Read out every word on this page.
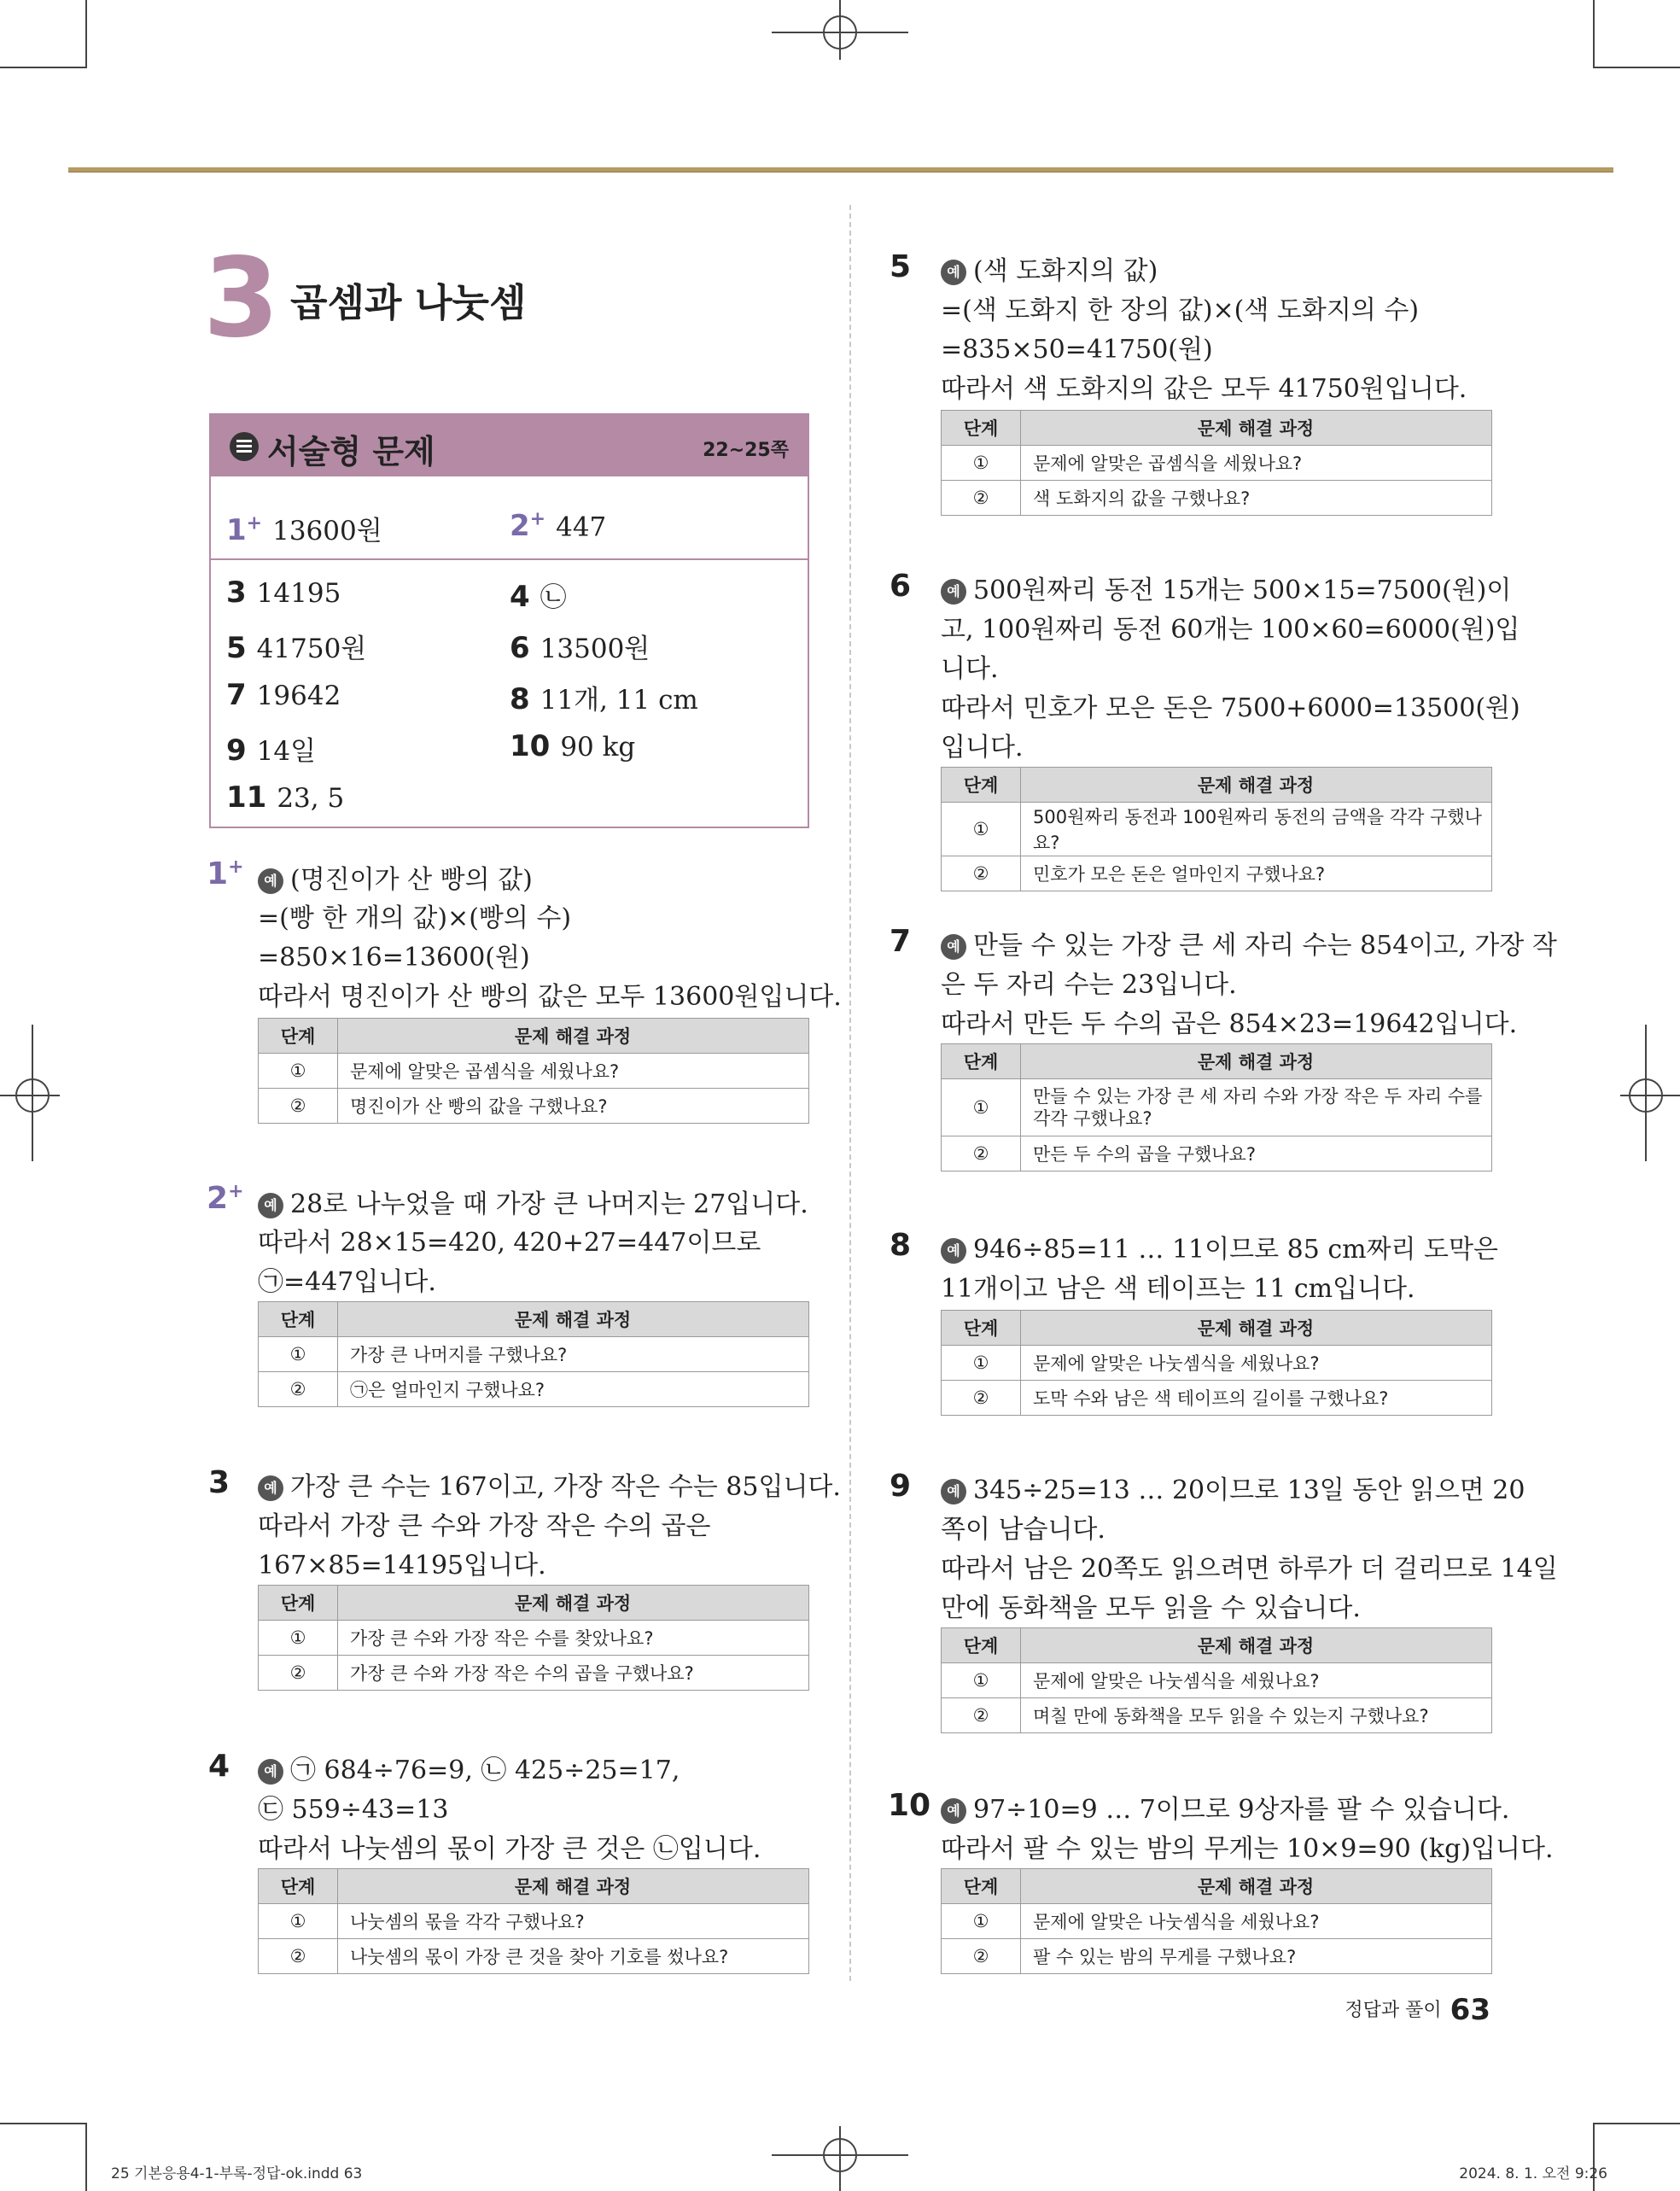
3 곱셈과 나눗셈
서술형 문제	22~25쪽
1+ 13600원	2+ 447
3 14195	4 ㉡
5 41750원	6 13500원
7 19642	8 11개, 11 cm
9 14일	10 90 kg
11 23, 5
1+
예 (명진이가 산 빵의 값)
=(빵 한 개의 값)×(빵의 수)
=850×16=13600(원)
따라서 명진이가 산 빵의 값은 모두 13600원입니다.
단계	문제 해결 과정
①	문제에 알맞은 곱셈식을 세웠나요?
②	명진이가 산 빵의 값을 구했나요?
2+
예 28로 나누었을 때 가장 큰 나머지는 27입니다.
따라서 28×15=420, 420+27=447이므로
㉠=447입니다.
단계	문제 해결 과정
①	가장 큰 나머지를 구했나요?
②	㉠은 얼마인지 구했나요?
3	예 가장 큰 수는 167이고, 가장 작은 수는 85입니다.
따라서 가장 큰 수와 가장 작은 수의 곱은
167×85=14195입니다.
단계	문제 해결 과정
①	가장 큰 수와 가장 작은 수를 찾았나요?
②	가장 큰 수와 가장 작은 수의 곱을 구했나요?
4	예 ㉠ 684÷76=9, ㉡ 425÷25=17,
㉢ 559÷43=13
따라서 나눗셈의 몫이 가장 큰 것은 ㉡입니다.
단계	문제 해결 과정
①	나눗셈의 몫을 각각 구했나요?
②	나눗셈의 몫이 가장 큰 것을 찾아 기호를 썼나요?
5	예 (색 도화지의 값)
=(색 도화지 한 장의 값)×(색 도화지의 수)
=835×50=41750(원)
따라서 색 도화지의 값은 모두 41750원입니다.
단계	문제 해결 과정
①	문제에 알맞은 곱셈식을 세웠나요?
②	색 도화지의 값을 구했나요?
6	예 500원짜리 동전 15개는 500×15=7500(원)이
고, 100원짜리 동전 60개는 100×60=6000(원)입
니다.
따라서 민호가 모은 돈은 7500+6000=13500(원)
입니다.
단계	문제 해결 과정
①	500원짜리 동전과 100원짜리 동전의 금액을 각각 구했나요?
②	민호가 모은 돈은 얼마인지 구했나요?
7	예 만들 수 있는 가장 큰 세 자리 수는 854이고, 가장 작
은 두 자리 수는 23입니다.
따라서 만든 두 수의 곱은 854×23=19642입니다.
단계	문제 해결 과정
①	만들 수 있는 가장 큰 세 자리 수와 가장 작은 두 자리 수를
각각 구했나요?

②	만든 두 수의 곱을 구했나요?
8	예 946÷85=11 … 11이므로 85 cm짜리 도막은
11개이고 남은 색 테이프는 11 cm입니다.
단계	문제 해결 과정
①	문제에 알맞은 나눗셈식을 세웠나요?
②	도막 수와 남은 색 테이프의 길이를 구했나요?
9	예 345÷25=13 … 20이므로 13일 동안 읽으면 20
쪽이 남습니다.
따라서 남은 20쪽도 읽으려면 하루가 더 걸리므로 14일
만에 동화책을 모두 읽을 수 있습니다.
단계	문제 해결 과정
①	문제에 알맞은 나눗셈식을 세웠나요?
②	며칠 만에 동화책을 모두 읽을 수 있는지 구했나요?
10	예 97÷10=9 … 7이므로 9상자를 팔 수 있습니다.
따라서 팔 수 있는 밤의 무게는 10×9=90 (kg)입니다.
단계	문제 해결 과정
①	문제에 알맞은 나눗셈식을 세웠나요?
②	팔 수 있는 밤의 무게를 구했나요?
정답과 풀이 63
25 기본응용4-1-부록-정답-ok.indd 63	2024. 8. 1. 오전 9:26
